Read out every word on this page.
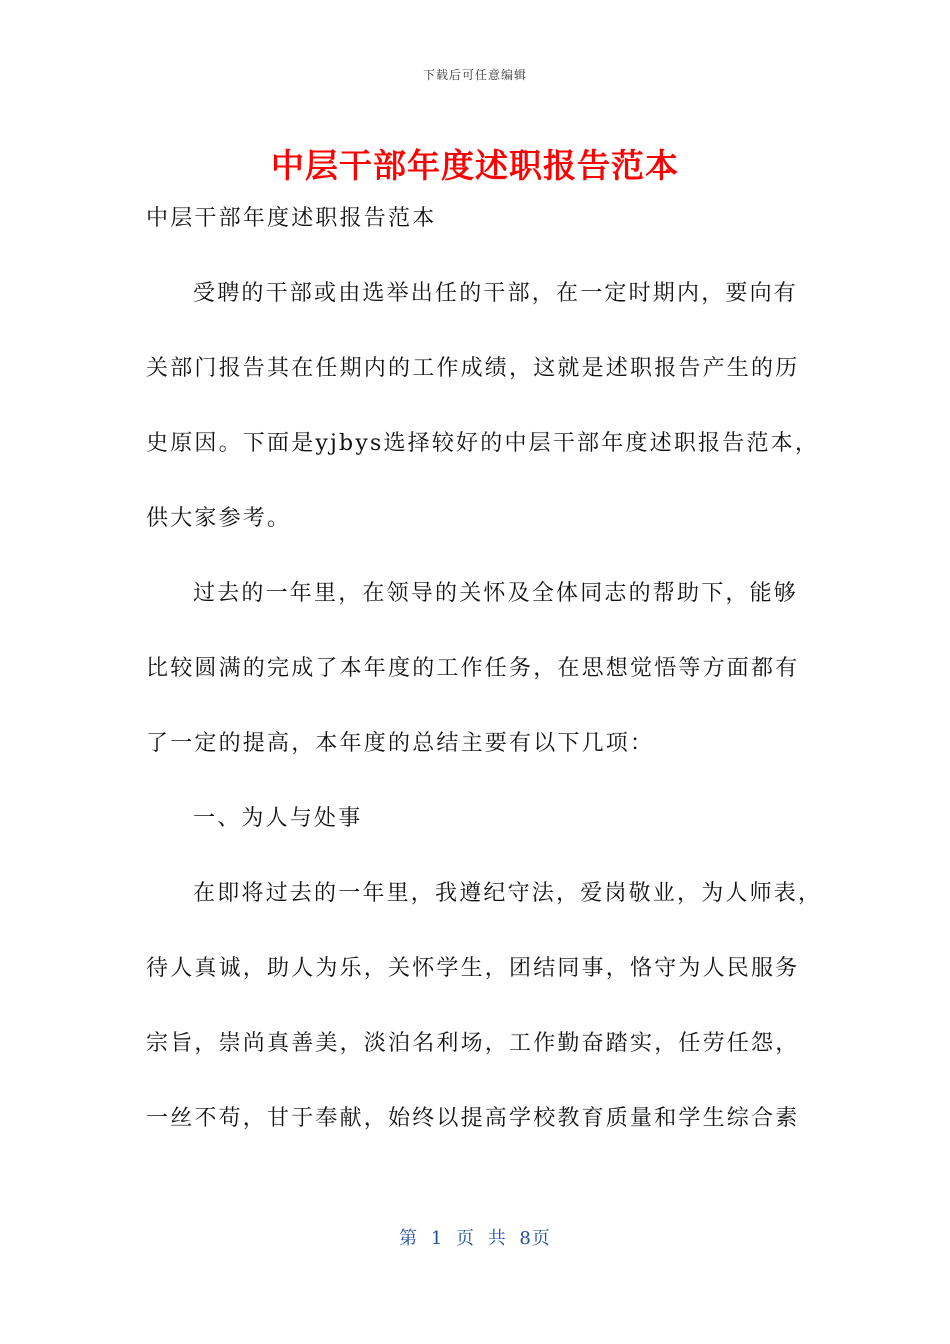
下载后可任意编辑
中层干部年度述职报告范本
中层干部年度述职报告范本
受聘的干部或由选举出任的干部，在一定时期内，要向有
关部门报告其在任期内的工作成绩，这就是述职报告产生的历
史原因。下面是yjbys选择较好的中层干部年度述职报告范本，
供大家参考。
过去的一年里，在领导的关怀及全体同志的帮助下，能够
比较圆满的完成了本年度的工作任务，在思想觉悟等方面都有
了一定的提高，本年度的总结主要有以下几项：
一、为人与处事
在即将过去的一年里，我遵纪守法，爱岗敬业，为人师表，
待人真诚，助人为乐，关怀学生，团结同事，恪守为人民服务
宗旨，崇尚真善美，淡泊名利场，工作勤奋踏实，任劳任怨，
一丝不苟，甘于奉献，始终以提高学校教育质量和学生综合素
第 1 页 共 8页
